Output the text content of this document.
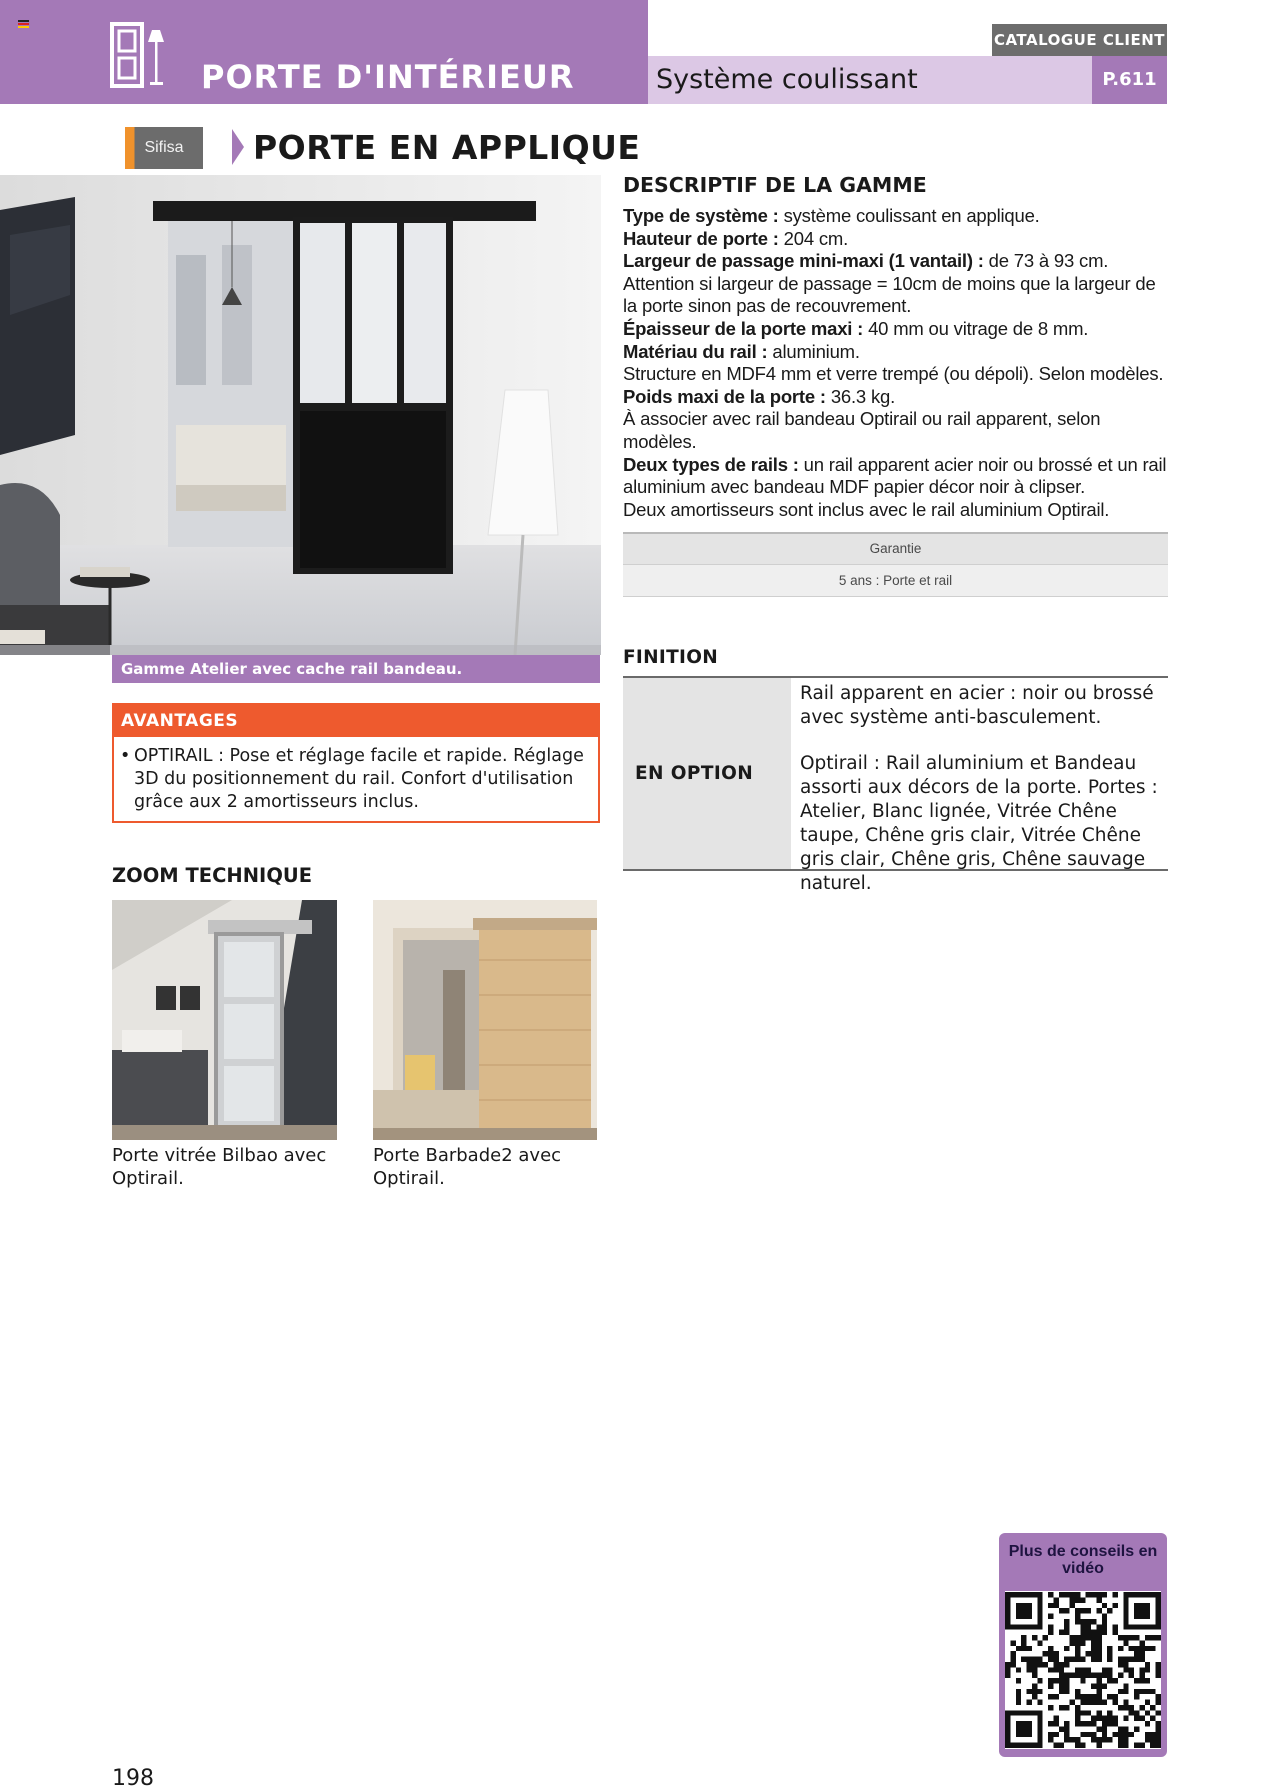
PORTE D'INTÉRIEUR	Système coulissant
CATALOGUE CLIENT
P.611
Sifisa	PORTE EN APPLIQUE
Gamme Atelier avec cache rail bandeau.
AVANTAGES
• OPTIRAIL : Pose et réglage facile et rapide. Réglage 3D du positionnement du rail. Confort d'utilisation grâce aux 2 amortisseurs inclus.
ZOOM TECHNIQUE
Porte vitrée Bilbao avec Optirail.
Porte Barbade2 avec Optirail.
DESCRIPTIF DE LA GAMME
Type de système : système coulissant en applique.
Hauteur de porte : 204 cm.
Largeur de passage mini-maxi (1 vantail) : de 73 à 93 cm.
Attention si largeur de passage = 10cm de moins que la largeur de la porte sinon pas de recouvrement.
Épaisseur de la porte maxi : 40 mm ou vitrage de 8 mm.
Matériau du rail : aluminium.
Structure en MDF4 mm et verre trempé (ou dépoli). Selon modèles.
Poids maxi de la porte : 36.3 kg.
À associer avec rail bandeau Optirail ou rail apparent, selon modèles.
Deux types de rails : un rail apparent acier noir ou brossé et un rail aluminium avec bandeau MDF papier décor noir à clipser.
Deux amortisseurs sont inclus avec le rail aluminium Optirail.
Garantie
5 ans : Porte et rail
FINITION
EN OPTION
Rail apparent en acier : noir ou brossé avec système anti-basculement.
Optirail : Rail aluminium et Bandeau assorti aux décors de la porte. Portes : Atelier, Blanc lignée, Vitrée Chêne taupe, Chêne gris clair, Vitrée Chêne gris clair, Chêne gris, Chêne sauvage naturel.
Plus de conseils en vidéo
198
